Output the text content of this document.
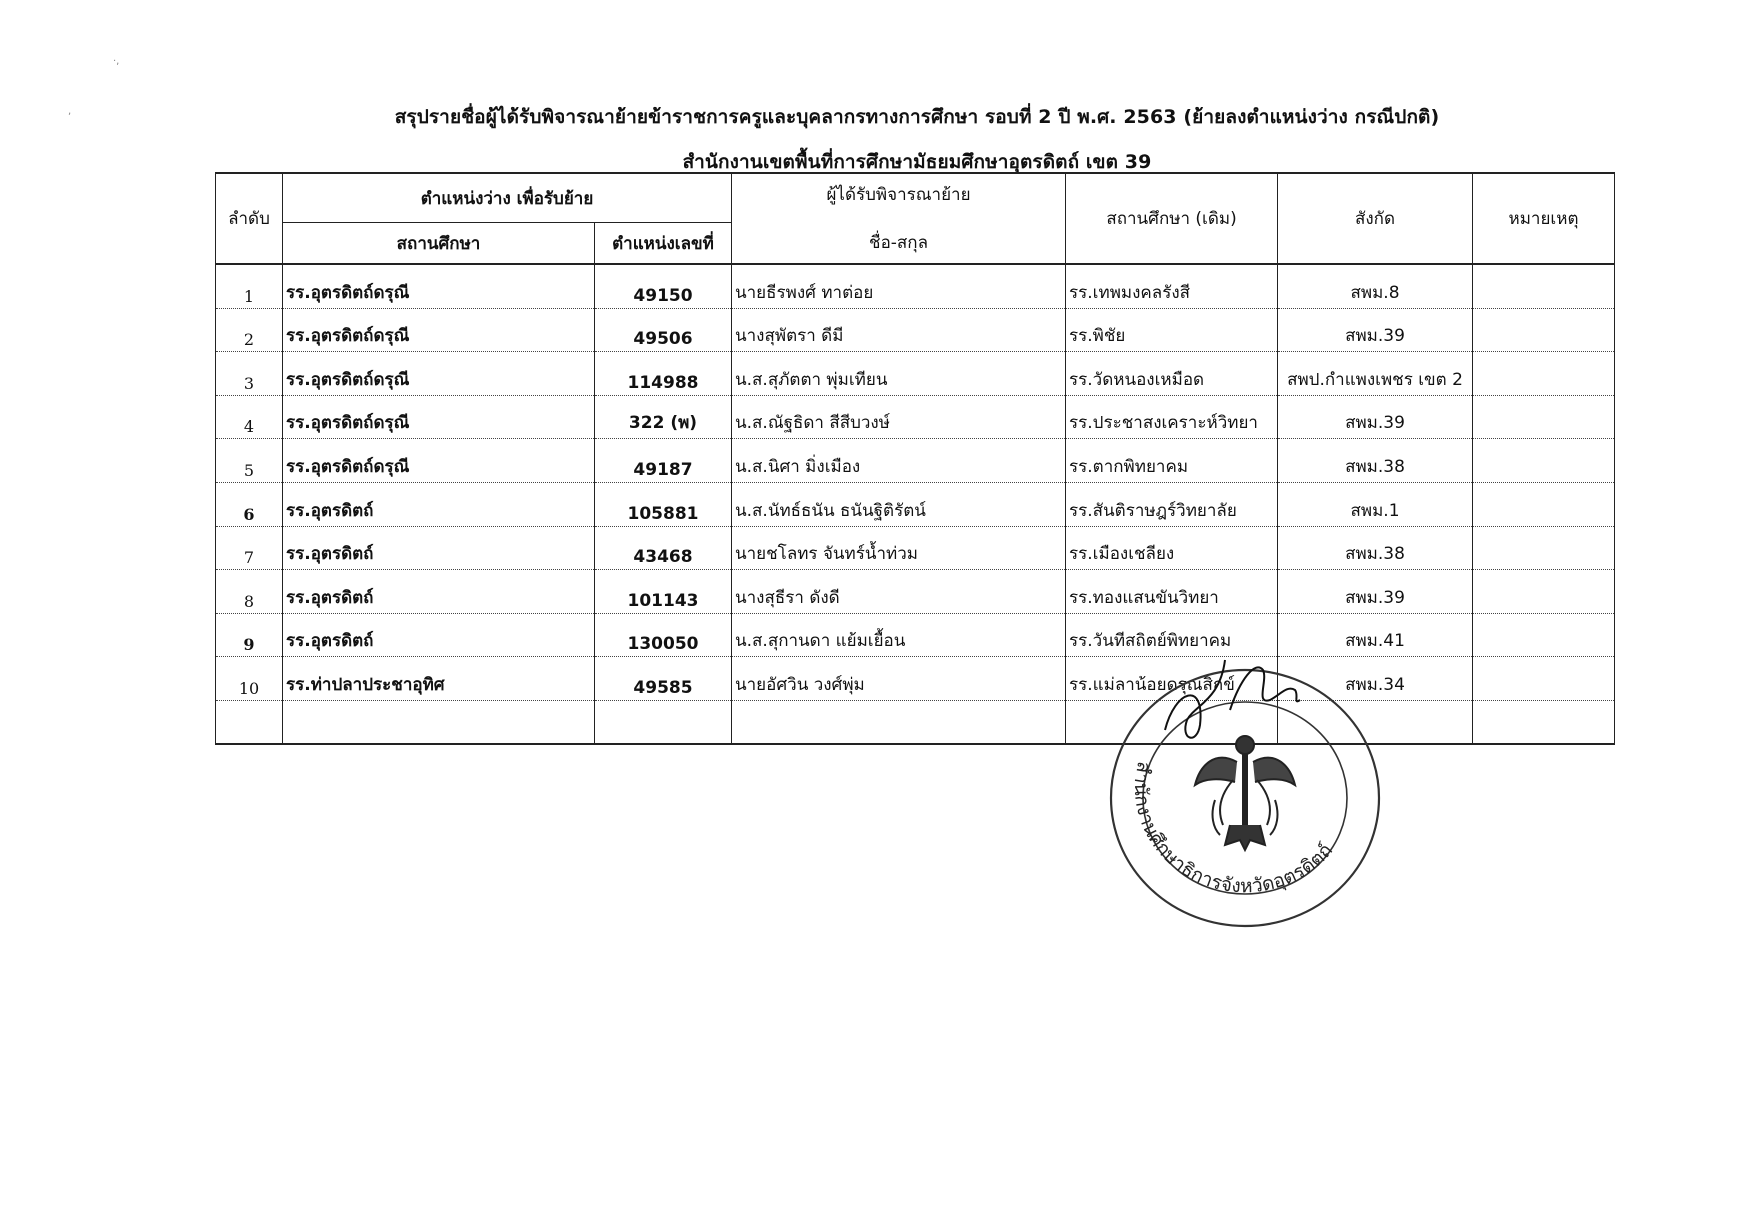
·,
,	สรุปรายชื่อผู้ได้รับพิจารณาย้ายข้าราชการครูและบุคลากรทางการศึกษา รอบที่ 2 ปี พ.ศ. 2563 (ย้ายลงตำแหน่งว่าง กรณีปกติ)
สำนักงานเขตพื้นที่การศึกษามัธยมศึกษาอุตรดิตถ์ เขต 39
ลำดับ	ตำแหน่งว่าง เพื่อรับย้าย		ผู้ได้รับพิจารณาย้าย	สถานศึกษา (เดิม)	สังกัด	หมายเหตุ
	สถานศึกษา	ตำแหน่งเลขที่	ชื่อ-สกุล			
1	รร.อุตรดิตถ์ดรุณี	49150	นายธีรพงศ์ ทาต่อย	รร.เทพมงคลรังสี	สพม.8	
2	รร.อุตรดิตถ์ดรุณี	49506	นางสุพัตรา ดีมี	รร.พิชัย	สพม.39	
3	รร.อุตรดิตถ์ดรุณี	114988	น.ส.สุภัตตา พุ่มเทียน	รร.วัดหนองเหมือด	สพป.กำแพงเพชร เขต 2	
4	รร.อุตรดิตถ์ดรุณี	322 (พ)	น.ส.ณัฐธิดา สีสีบวงษ์	รร.ประชาสงเคราะห์วิทยา	สพม.39	
5	รร.อุตรดิตถ์ดรุณี	49187	น.ส.นิศา มิ่งเมือง	รร.ตากพิทยาคม	สพม.38	
6	รร.อุตรดิตถ์	105881	น.ส.นัทธ์ธนัน ธนันฐิติรัตน์	รร.สันติราษฎร์วิทยาลัย	สพม.1	
7	รร.อุตรดิตถ์	43468	นายชโลทร จันทร์น้ำท่วม	รร.เมืองเชลียง	สพม.38	
8	รร.อุตรดิตถ์	101143	นางสุธีรา ดังดี	รร.ทองแสนขันวิทยา	สพม.39	
9	รร.อุตรดิตถ์	130050	น.ส.สุกานดา แย้มเยื้อน	รร.วันทีสถิตย์พิทยาคม	สพม.41	
10	รร.ท่าปลาประชาอุทิศ	49585	นายอัศวิน วงศ์พุ่ม	รร.แม่ลาน้อยดรุณสิกข์	สพม.34	

สำนักงานศึกษาธิการจังหวัดอุตรดิตถ์
